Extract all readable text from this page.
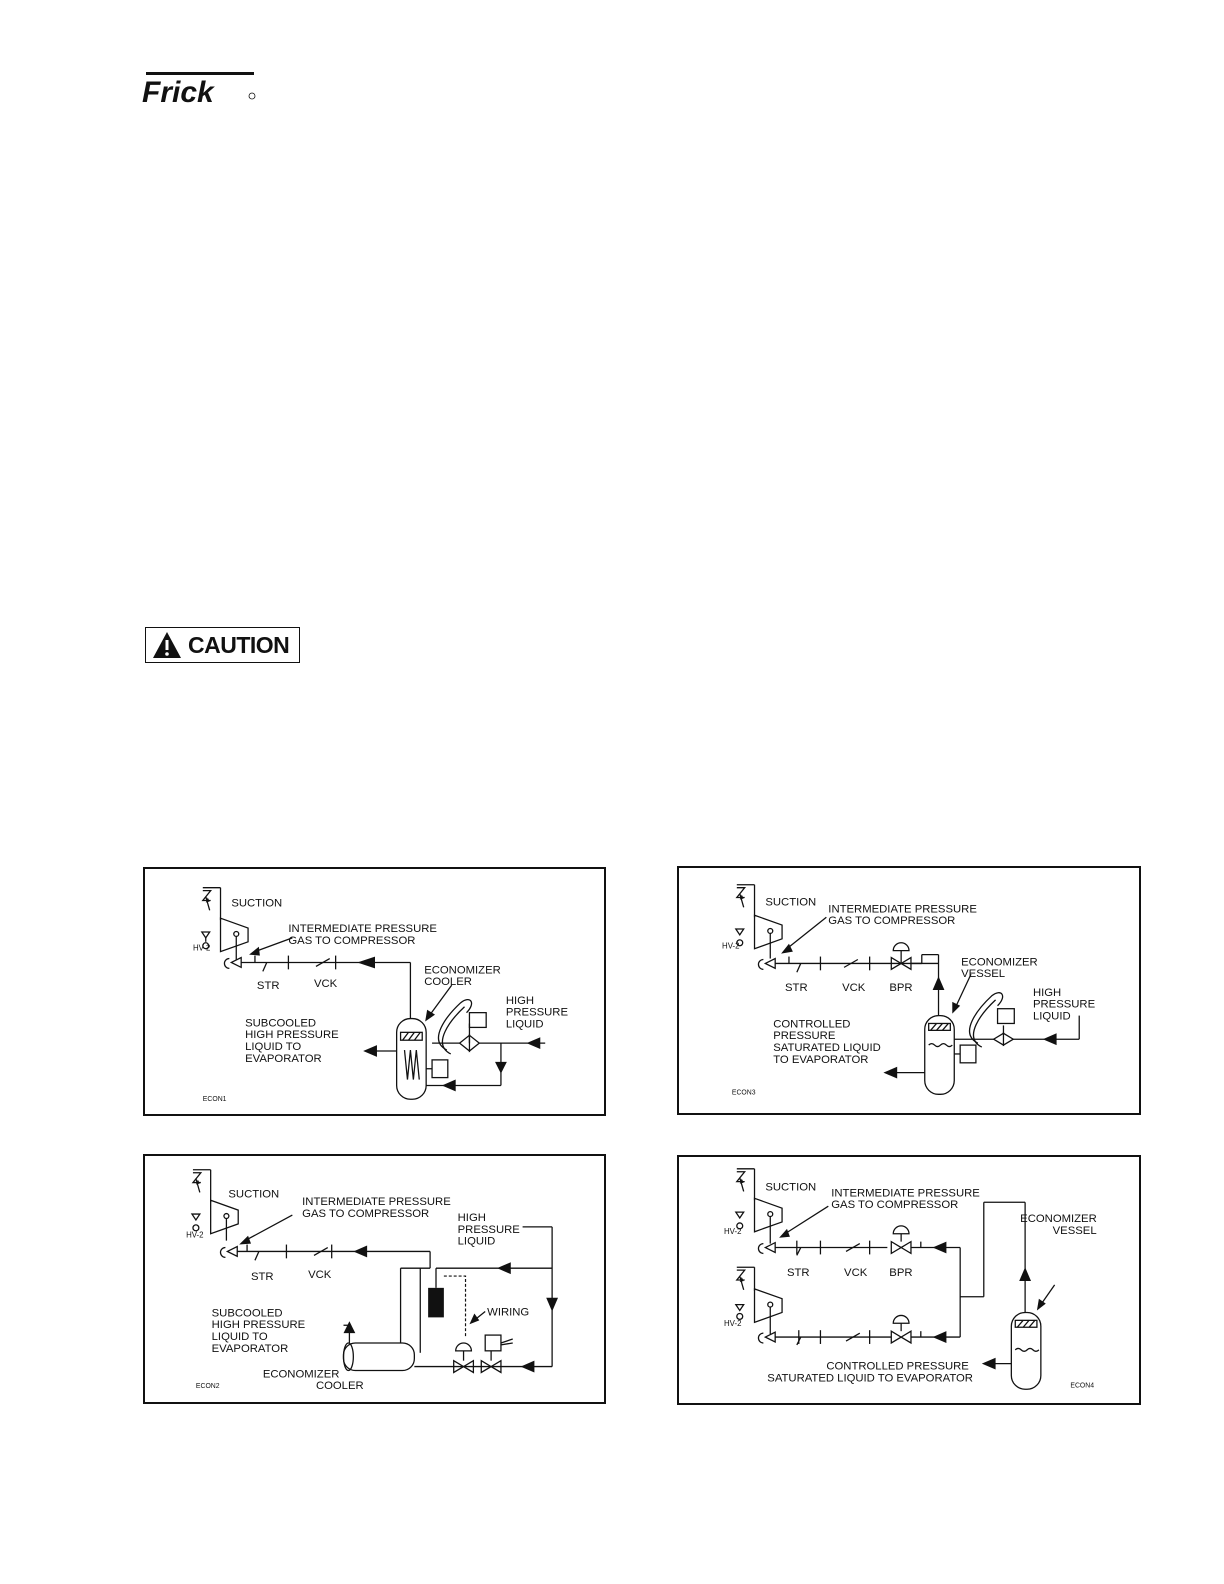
Frick
CAUTION
SUCTION
HV-2
INTERMEDIATE PRESSURE
GAS TO COMPRESSOR
STR	VCK
ECONOMIZER
COOLER
HIGH
PRESSURE
LIQUID
SUBCOOLED
HIGH PRESSURE
LIQUID TO
EVAPORATOR
ECON1
SUCTION
HV-2
INTERMEDIATE PRESSURE
GAS TO COMPRESSOR
STR	VCK BPR
ECONOMIZER
VESSEL
HIGH
PRESSURE
LIQUID
CONTROLLED
PRESSURE
SATURATED LIQUID
TO EVAPORATOR
ECON3
SUCTION
HV-2
INTERMEDIATE PRESSURE
GAS TO COMPRESSOR
STR	VCK
HIGH
PRESSURE
LIQUID
WIRING
SUBCOOLED
HIGH PRESSURE
LIQUID TO
EVAPORATOR
ECONOMIZER
COOLER
ECON2
SUCTION
HV-2
HV-2
INTERMEDIATE PRESSURE
GAS TO COMPRESSOR
STR	VCK BPR
ECONOMIZER
VESSEL
CONTROLLED PRESSURE
SATURATED LIQUID TO EVAPORATOR
ECON4
